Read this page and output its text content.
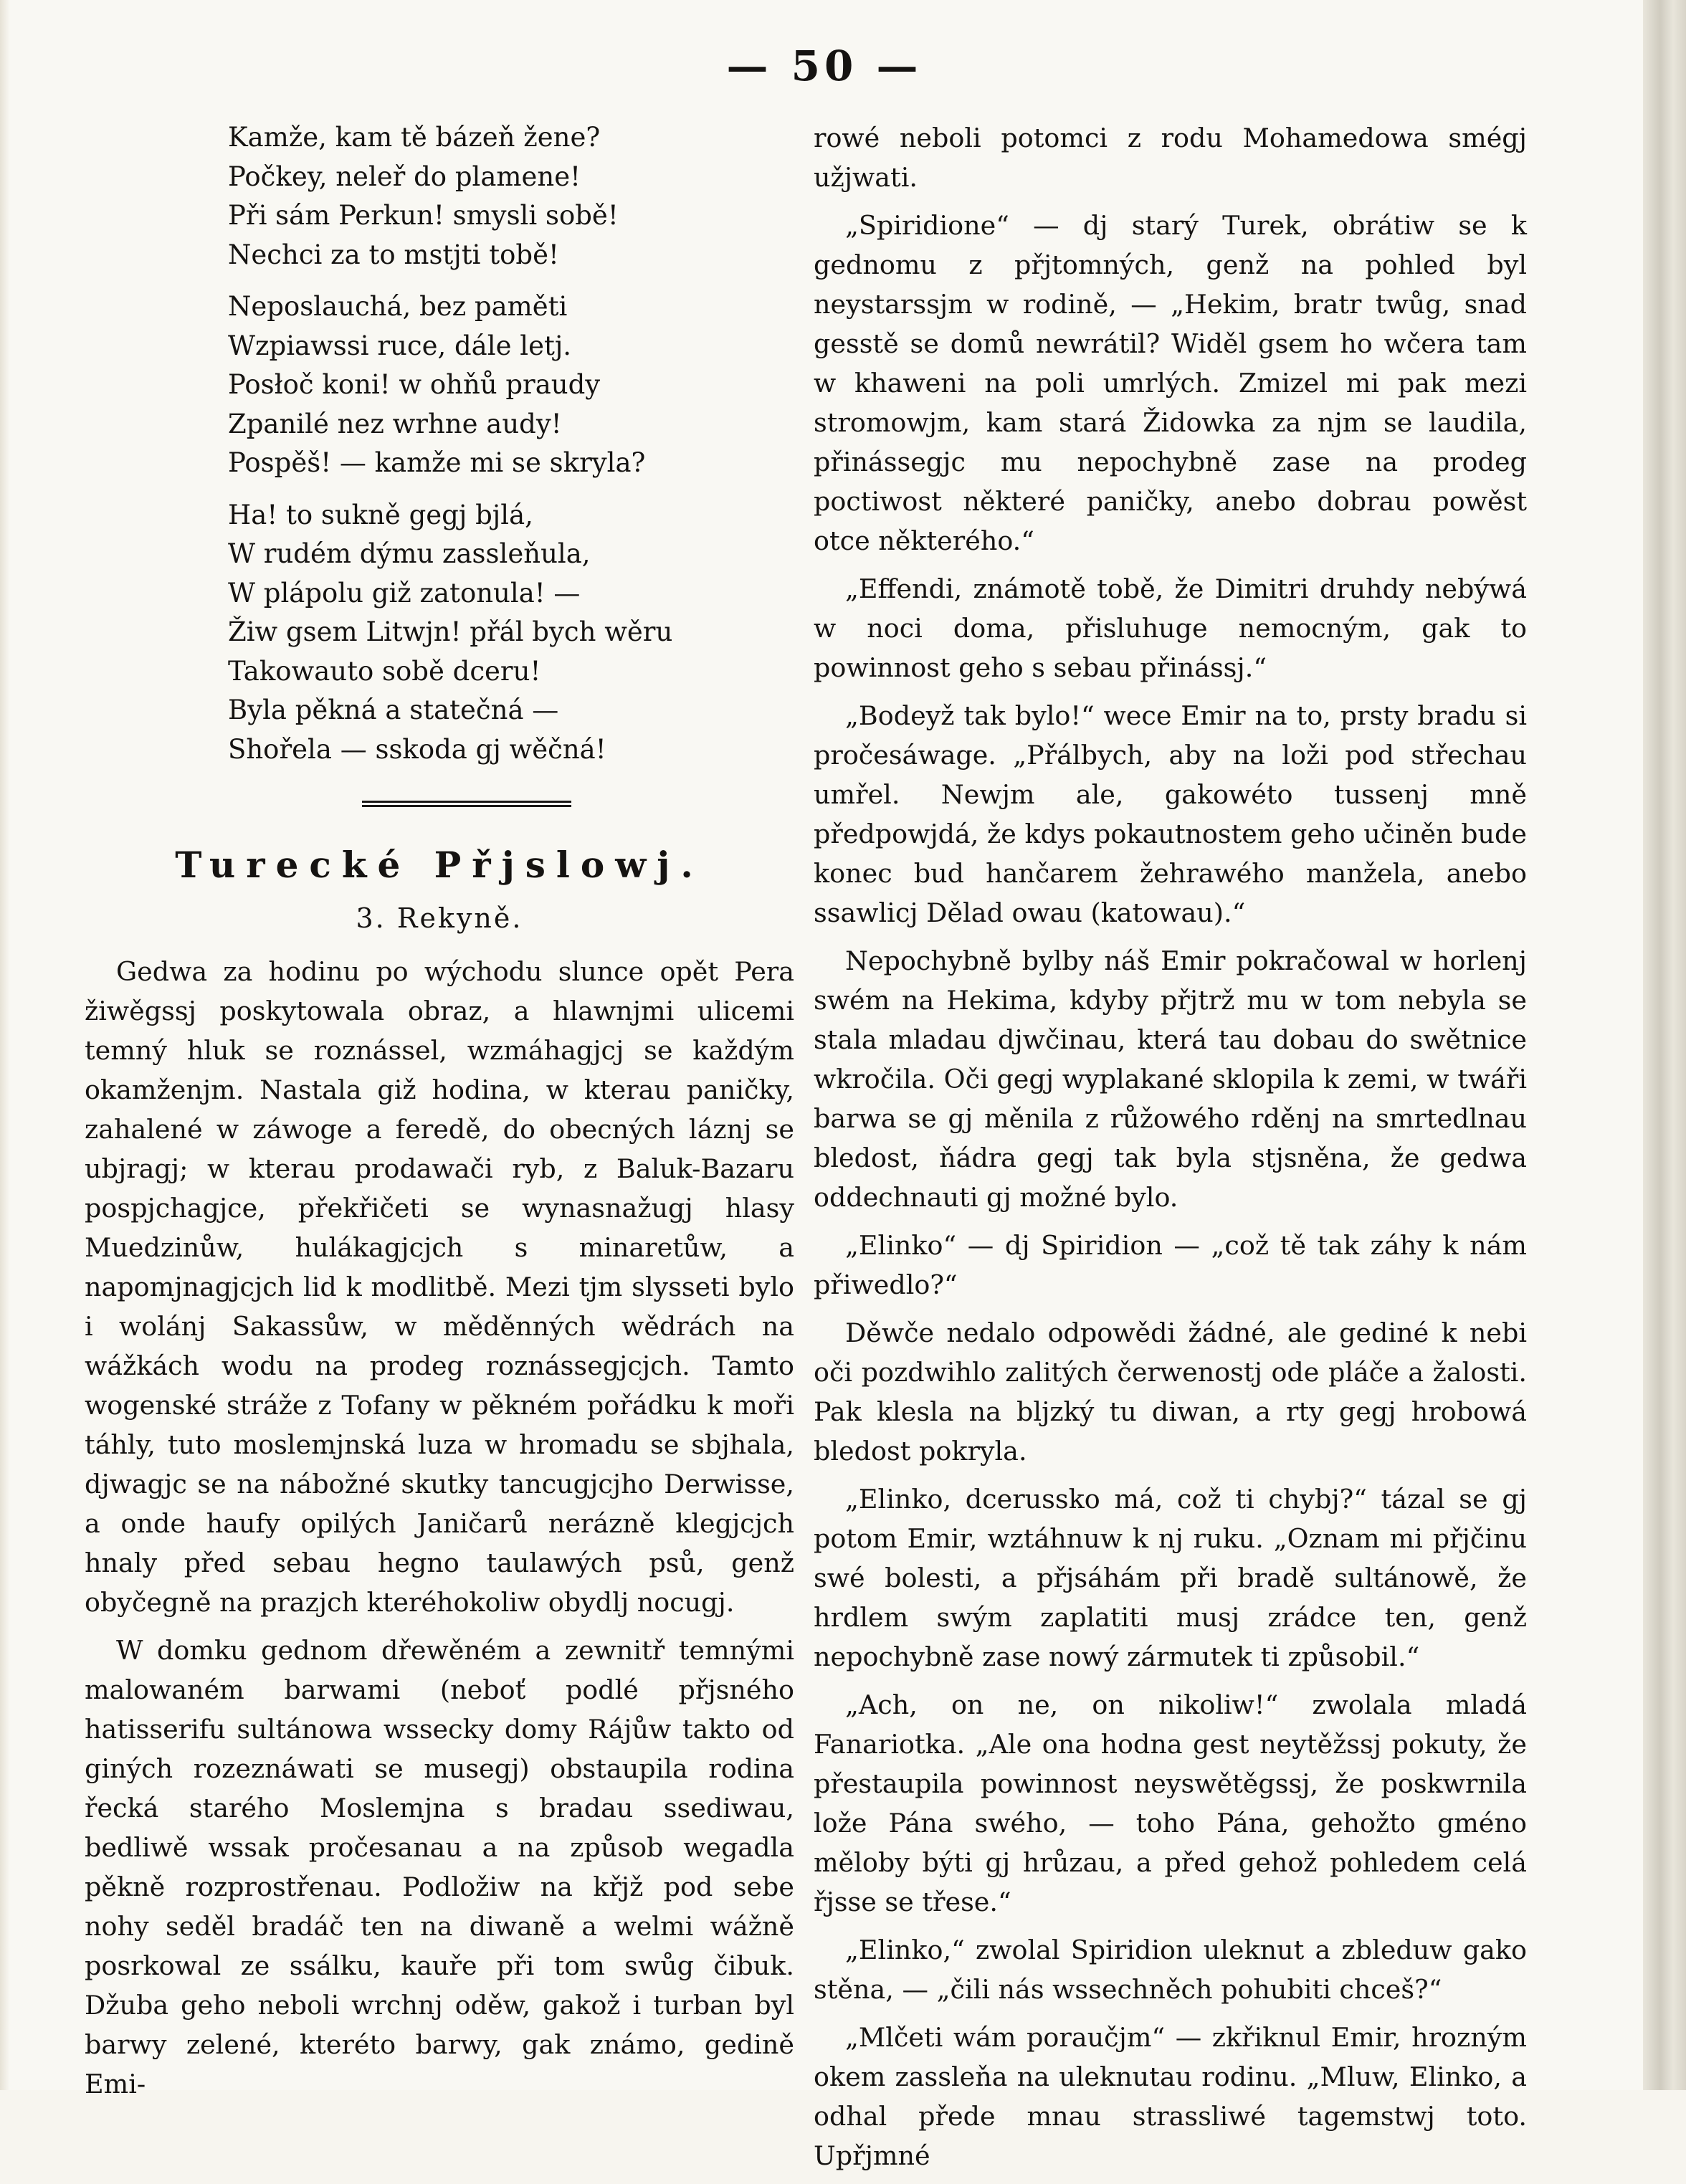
— 50 —
Kamže, kam tě bázeň žene?
Počkey, neleř do plamene!
Při sám Perkun! smysli sobě!
Nechci za to mstjti tobě!
Neposlauchá, bez paměti
Wzpiawssi ruce, dále letj.
Posłoč koni! w ohňů praudy
Zpanilé nez wrhne audy!
Pospěš! — kamže mi se skryla?
Ha! to sukně gegj bjlá,
W rudém dýmu zassleňula,
W plápolu giž zatonula! —
Žiw gsem Litwjn! přál bych wěru
Takowauto sobě dceru!
Byla pěkná a statečná —
Shořela — sskoda gj wěčná!
Turecké Přjslowj.
3. Rekyně.

Gedwa za hodinu po wýchodu slunce opět Pera žiwěgssj poskytowala obraz, a hlawnjmi ulicemi temný hluk se roznássel, wzmáhagjcj se každým okamženjm. Nastala giž hodina, w kterau paničky, zahalené w záwoge a feredě, do obecných láznj se ubjragj; w kterau prodawači ryb, z Baluk-Bazaru pospjchagjce, překřičeti se wynasnažugj hlasy Muedzinůw, hulákagjcjch s minaretůw, a napomjnagjcjch lid k modlitbě. Mezi tjm slysseti bylo i wolánj Sakassůw, w měděnných wědrách na wážkách wodu na prodeg roznássegjcjch. Tamto wogenské stráže z Tofany w pěkném pořádku k moři táhly, tuto moslemjnská luza w hromadu se sbjhala, djwagjc se na nábožné skutky tancugjcjho Derwisse, a onde haufy opilých Janičarů nerázně klegjcjch hnaly před sebau hegno taulawých psů, genž obyčegně na prazjch kteréhokoliw obydlj nocugj.

W domku gednom dřewěném a zewnitř temnými malowaném barwami (neboť podlé přjsného hatisserifu sultánowa wssecky domy Rájůw takto od giných rozeznáwati se musegj) obstaupila rodina řecká starého Moslemjna s bradau ssediwau, bedliwě wssak pročesanau a na způsob wegadla pěkně rozprostřenau. Podložiw na křjž pod sebe nohy seděl bradáč ten na diwaně a welmi wážně posrkowal ze ssálku, kauře při tom swůg čibuk. Džuba geho neboli wrchnj oděw, gakož i turban byl barwy zelené, kteréto barwy, gak známo, gedině Emi-

rowé neboli potomci z rodu Mohamedowa smégj užjwati.

„Spiridione“ — dj starý Turek, obrátiw se k gednomu z přjtomných, genž na pohled byl neystarssjm w rodině, — „Hekim, bratr twůg, snad gesstě se domů newrátil? Widěl gsem ho wčera tam w khaweni na poli umrlých. Zmizel mi pak mezi stromowjm, kam stará Židowka za njm se laudila, přinássegjc mu nepochybně zase na prodeg poctiwost některé paničky, anebo dobrau powěst otce některého.“

„Effendi, známotě tobě, že Dimitri druhdy nebýwá w noci doma, přisluhuge nemocným, gak to powinnost geho s sebau přinássj.“

„Bodeyž tak bylo!“ wece Emir na to, prsty bradu si pročesáwage. „Přálbych, aby na loži pod střechau umřel. Newjm ale, gakowéto tussenj mně předpowjdá, že kdys pokautnostem geho učiněn bude konec bud hančarem žehrawého manžela, anebo ssawlicj Dělad owau (katowau).“

Nepochybně bylby náš Emir pokračowal w horlenj swém na Hekima, kdyby přjtrž mu w tom nebyla se stala mladau djwčinau, která tau dobau do swětnice wkročila. Oči gegj wyplakané sklopila k zemi, w twáři barwa se gj měnila z růžowého rděnj na smrtedlnau bledost, ňádra gegj tak byla stjsněna, že gedwa oddechnauti gj možné bylo.

„Elinko“ — dj Spiridion — „což tě tak záhy k nám přiwedlo?“

Děwče nedalo odpowědi žádné, ale gediné k nebi oči pozdwihlo zalitých čerwenostj ode pláče a žalosti. Pak klesla na bljzký tu diwan, a rty gegj hrobowá bledost pokryla.

„Elinko, dcerussko má, což ti chybj?“ tázal se gj potom Emir, wztáhnuw k nj ruku. „Oznam mi přjčinu swé bolesti, a přjsáhám při bradě sultánowě, že hrdlem swým zaplatiti musj zrádce ten, genž nepochybně zase nowý zármutek ti způsobil.“

„Ach, on ne, on nikoliw!“ zwolala mladá Fanariotka. „Ale ona hodna gest neytěžssj pokuty, že přestaupila powinnost neyswětěgssj, že poskwrnila lože Pána swého, — toho Pána, gehožto gméno měloby býti gj hrůzau, a před gehož pohledem celá řjsse se třese.“

„Elinko,“ zwolal Spiridion uleknut a zbleduw gako stěna, — „čili nás wssechněch pohubiti chceš?“

„Mlčeti wám poraučjm“ — zkřiknul Emir, hrozným okem zassleňa na uleknutau rodinu. „Mluw, Elinko, a odhal přede mnau strassliwé tagemstwj toto. Upřjmné
